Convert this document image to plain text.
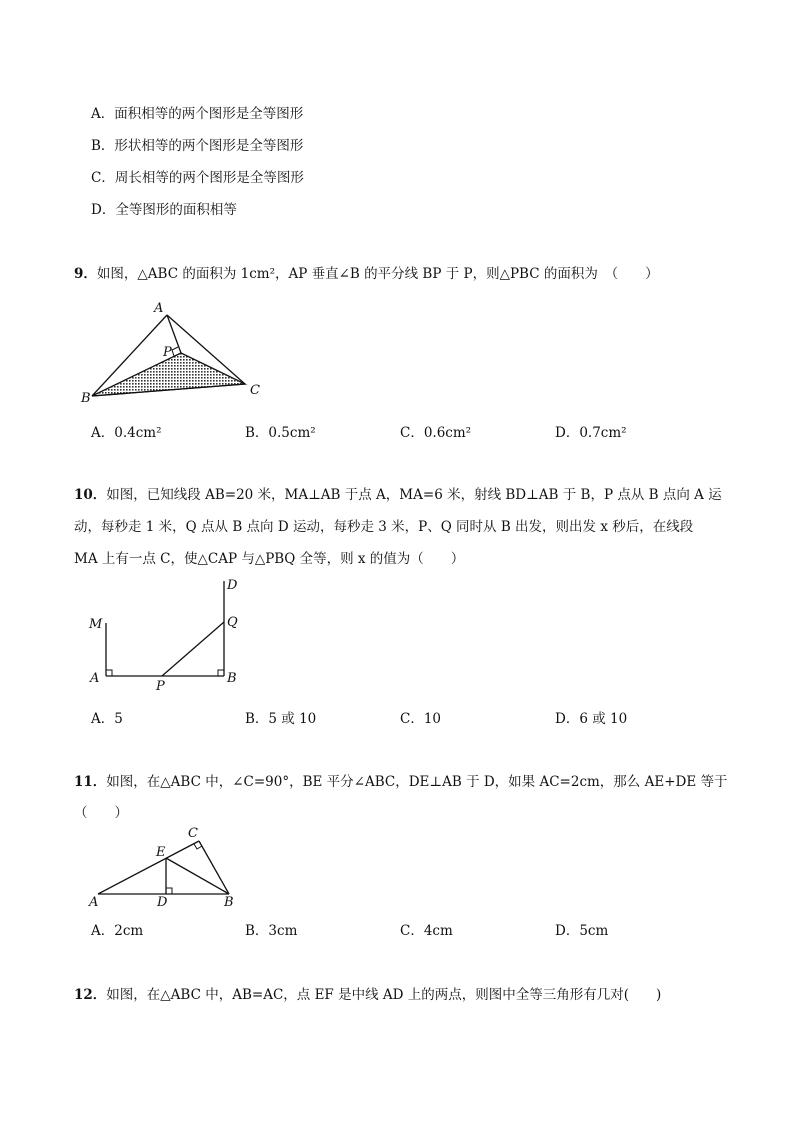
A．面积相等的两个图形是全等图形
B．形状相等的两个图形是全等图形
C．周长相等的两个图形是全等图形
D．全等图形的面积相等
9．如图，△ABC 的面积为 1cm²，AP 垂直∠B 的平分线 BP 于 P，则△PBC 的面积为　（　　）
A
P
B
C
A．0.4cm²	B．0.5cm²	C．0.6cm²	D．0.7cm²
10．如图，已知线段 AB=20 米，MA⊥AB 于点 A，MA=6 米，射线 BD⊥AB 于 B，P 点从 B 点向 A 运
动，每秒走 1 米，Q 点从 B 点向 D 运动，每秒走 3 米，P、Q 同时从 B 出发，则出发 x 秒后，在线段
MA 上有一点 C，使△CAP 与△PBQ 全等，则 x 的值为（　　）
D
M	Q
A
P
B
A．5	B．5 或 10	C．10	D．6 或 10
11．如图，在△ABC 中，∠C=90°，BE 平分∠ABC，DE⊥AB 于 D，如果 AC=2cm，那么 AE+DE 等于
（　　）
C
E
A	D	B
A．2cm	B．3cm	C．4cm	D．5cm
12．如图，在△ABC 中，AB=AC，点 EF 是中线 AD 上的两点，则图中全等三角形有几对(　　)
